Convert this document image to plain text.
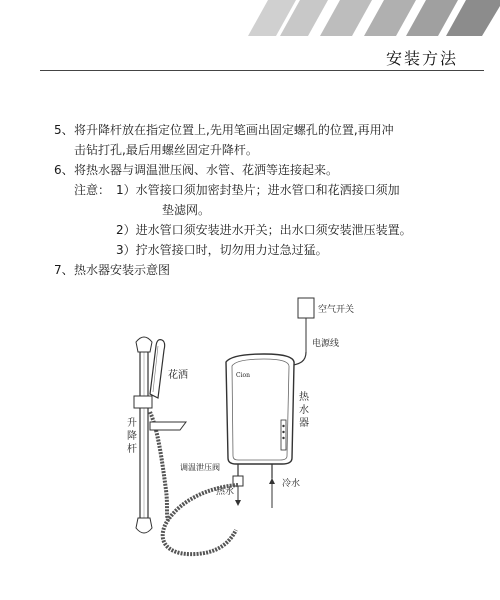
安装方法
5、将升降杆放在指定位置上,先用笔画出固定螺孔的位置,再用冲
击钻打孔,最后用螺丝固定升降杆。
6、将热水器与调温泄压阀、水管、花洒等连接起来。
注意： 1）水管接口须加密封垫片；进水管口和花洒接口须加
垫滤网。
2）进水管口须安装进水开关；出水口须安装泄压装置。
3）拧水管接口时，切勿用力过急过猛。
7、热水器安装示意图
空气开关
电源线
Cion
热
水
器
调温泄压阀
热水
冷水
升
降
杆
花洒
